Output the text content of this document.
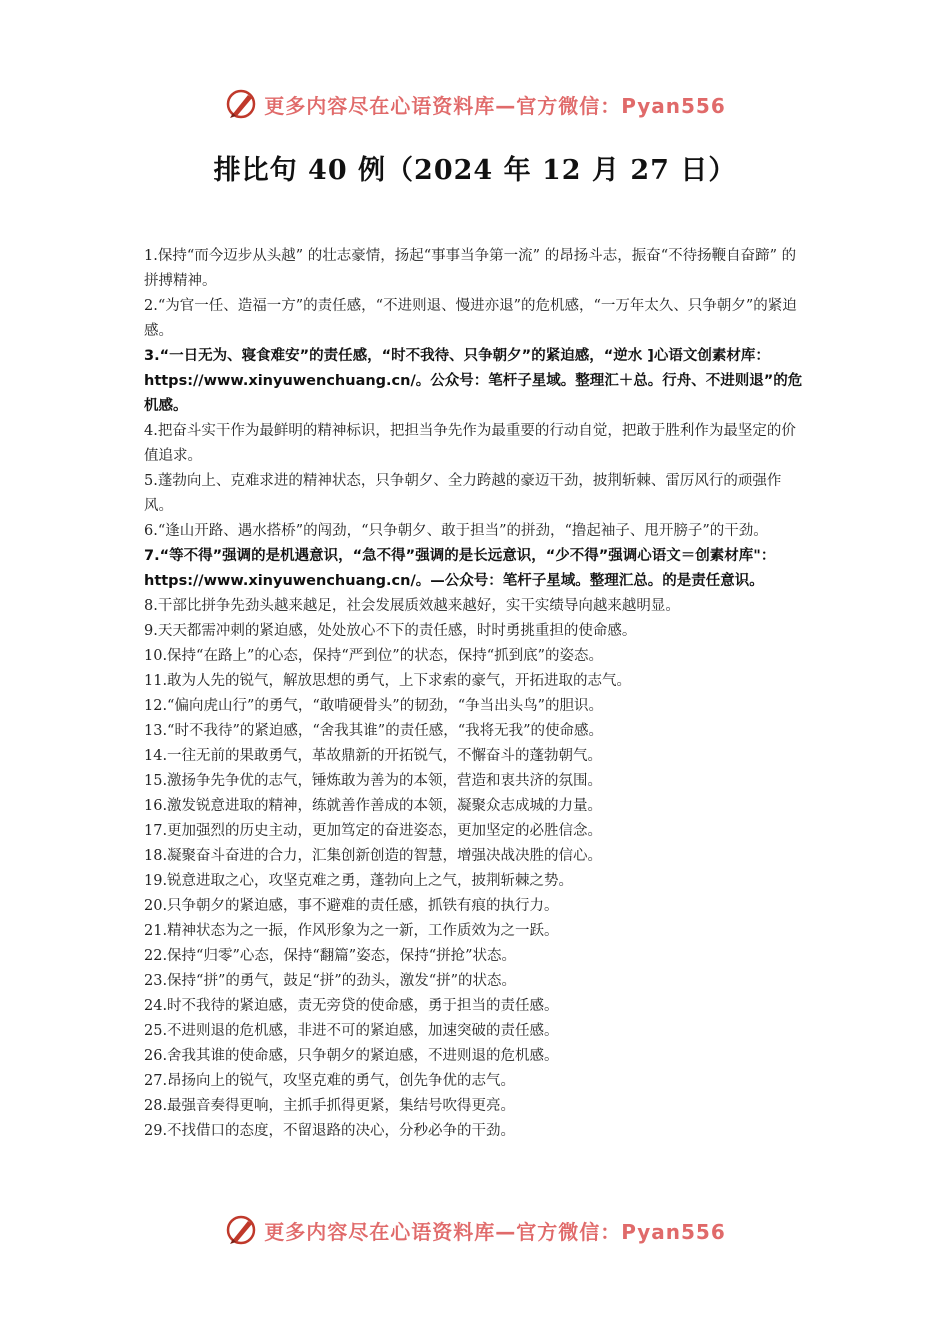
更多内容尽在心语资料库—官方微信：Pyan556
排比句 40 例（2024 年 12 月 27 日）

1.保持“而今迈步从头越” 的壮志豪情，扬起“事事当争第一流” 的昂扬斗志，振奋“不待扬鞭自奋蹄” 的拼搏精神。

2.“为官一任、造福一方”的责任感，“不进则退、慢进亦退”的危机感，“一万年太久、只争朝夕”的紧迫感。

3.“一日无为、寝食难安”的责任感，“时不我待、只争朝夕”的紧迫感，“逆水 ]心语文创素材库：https://www.xinyuwenchuang.cn/。公众号：笔杆子星域。整理汇＋总。行舟、不进则退”的危机感。

4.把奋斗实干作为最鲜明的精神标识，把担当争先作为最重要的行动自觉，把敢于胜利作为最坚定的价值追求。

5.蓬勃向上、克难求进的精神状态，只争朝夕、全力跨越的豪迈干劲，披荆斩棘、雷厉风行的顽强作风。

6.“逢山开路、遇水搭桥”的闯劲，“只争朝夕、敢于担当”的拼劲，“撸起袖子、甩开膀子”的干劲。

7.“等不得”强调的是机遇意识，“急不得”强调的是长远意识，“少不得”强调心语文＝创素材库"：https://www.xinyuwenchuang.cn/。—公众号：笔杆子星域。整理汇总。的是责任意识。

8.干部比拼争先劲头越来越足，社会发展质效越来越好，实干实绩导向越来越明显。

9.天天都需冲刺的紧迫感，处处放心不下的责任感，时时勇挑重担的使命感。

10.保持“在路上”的心态，保持“严到位”的状态，保持“抓到底”的姿态。

11.敢为人先的锐气，解放思想的勇气，上下求索的豪气，开拓进取的志气。

12.“偏向虎山行”的勇气，“敢啃硬骨头”的韧劲，“争当出头鸟”的胆识。

13.“时不我待”的紧迫感，“舍我其谁”的责任感，“我将无我”的使命感。

14.一往无前的果敢勇气，革故鼎新的开拓锐气，不懈奋斗的蓬勃朝气。

15.激扬争先争优的志气，锤炼敢为善为的本领，营造和衷共济的氛围。

16.激发锐意进取的精神，练就善作善成的本领，凝聚众志成城的力量。

17.更加强烈的历史主动，更加笃定的奋进姿态，更加坚定的必胜信念。

18.凝聚奋斗奋进的合力，汇集创新创造的智慧，增强决战决胜的信心。

19.锐意进取之心，攻坚克难之勇，蓬勃向上之气，披荆斩棘之势。

20.只争朝夕的紧迫感，事不避难的责任感，抓铁有痕的执行力。

21.精神状态为之一振，作风形象为之一新，工作质效为之一跃。

22.保持“归零”心态，保持“翻篇”姿态，保持“拼抢”状态。

23.保持“拼”的勇气，鼓足“拼”的劲头，激发“拼”的状态。

24.时不我待的紧迫感，责无旁贷的使命感，勇于担当的责任感。

25.不进则退的危机感，非进不可的紧迫感，加速突破的责任感。

26.舍我其谁的使命感，只争朝夕的紧迫感，不进则退的危机感。

27.昂扬向上的锐气，攻坚克难的勇气，创先争优的志气。

28.最强音奏得更响，主抓手抓得更紧，集结号吹得更亮。

29.不找借口的态度，不留退路的决心，分秒必争的干劲。

更多内容尽在心语资料库—官方微信：Pyan556
